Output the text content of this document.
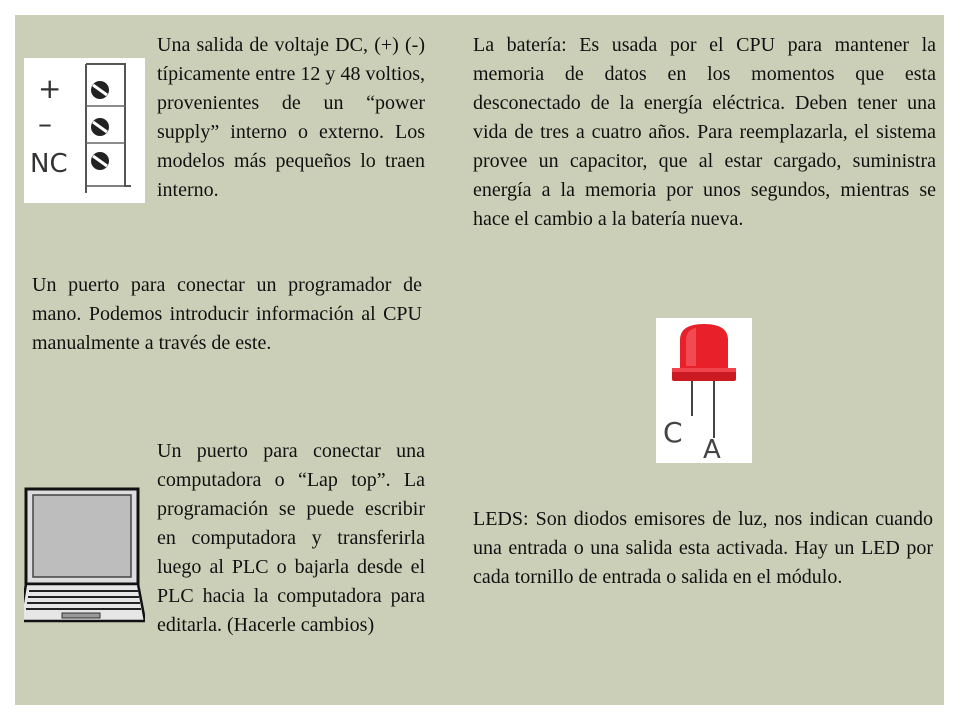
+
–
NC

Una salida de voltaje DC, (+) (-) típicamente entre 12 y 48 voltios, provenientes de un “power supply” interno o externo. Los modelos más pequeños lo traen interno.

La batería: Es usada por el CPU para mantener la memoria de datos en los momentos que esta desconectado de la energía eléctrica. Deben tener una vida de tres a cuatro años. Para reemplazarla, el sistema provee un capacitor, que al estar cargado, suministra energía a la memoria por unos segundos, mientras se hace el cambio a la batería nueva.

Un puerto para conectar un programador de mano. Podemos introducir información al CPU manualmente a través de este.

C
A

Un puerto para conectar una computadora o “Lap top”. La programación se puede escribir en computadora y transferirla luego al PLC o bajarla desde el PLC hacia la computadora para editarla. (Hacerle cambios)

LEDS: Son diodos emisores de luz, nos indican cuando una entrada o una salida esta activada. Hay un LED por cada tornillo de entrada o salida en el módulo.
